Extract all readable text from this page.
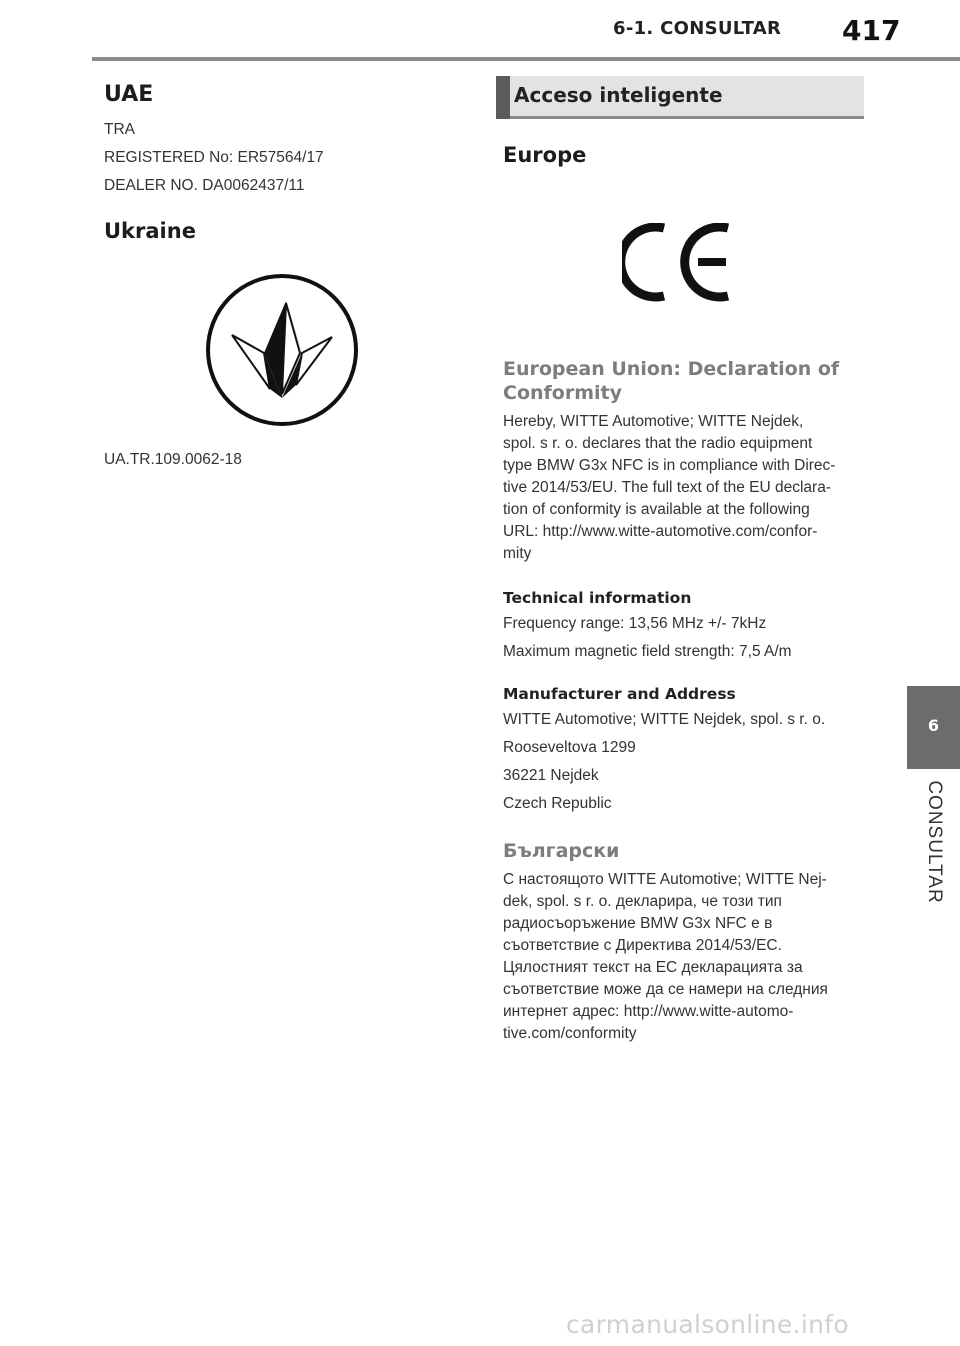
6-1. CONSULTAR 417
UAE

TRA

REGISTERED No: ER57564/17

DEALER NO. DA0062437/11

Ukraine

UA.TR.109.0062-18

Acceso inteligente
Europe
European Union: Declaration of
Conformity

Hereby, WITTE Automotive; WITTE Nejdek,

spol. s r. o. declares that the radio equipment

type BMW G3x NFC is in compliance with Direc-

tive 2014/53/EU. The full text of the EU declara-

tion of conformity is available at the following

URL: http://www.witte-automotive.com/confor-

mity

Technical information

Frequency range: 13,56 MHz +/- 7kHz

Maximum magnetic field strength: 7,5 A/m

Manufacturer and Address

WITTE Automotive; WITTE Nejdek, spol. s r. o.

Rooseveltova 1299

36221 Nejdek

Czech Republic

Български

С настоящото WITTE Automotive; WITTE Nej-

dek, spol. s r. o. декларира, че този тип

радиосъоръжение BMW G3x NFC е в

съответствие с Директива 2014/53/ЕС.

Цялостният текст на ЕС декларацията за

съответствие може да се намери на следния

интернет адрес: http://www.witte-automo-

tive.com/conformity

6
CONSULTAR
carmanualsonline.info
